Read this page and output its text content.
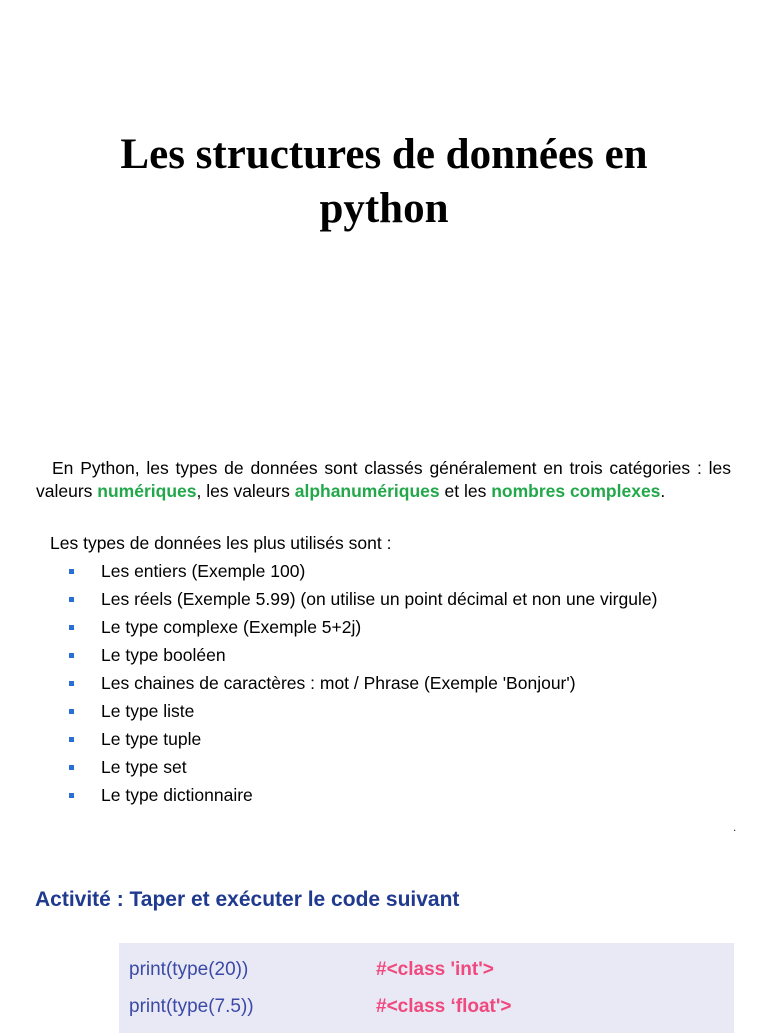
Les structures de données en
python

En Python, les types de données sont classés généralement en trois catégories : les valeurs numériques, les valeurs alphanumériques et les nombres complexes.

Les types de données les plus utilisés sont :

Les entiers (Exemple 100)
Les réels (Exemple 5.99) (on utilise un point décimal et non une virgule)
Le type complexe (Exemple 5+2j)
Le type booléen
Les chaines de caractères : mot / Phrase (Exemple 'Bonjour')
Le type liste
Le type tuple
Le type set
Le type dictionnaire
.
Activité : Taper et exécuter le code suivant
print(type(20))	#<class 'int'>
print(type(7.5))	#<class ‘float'>
